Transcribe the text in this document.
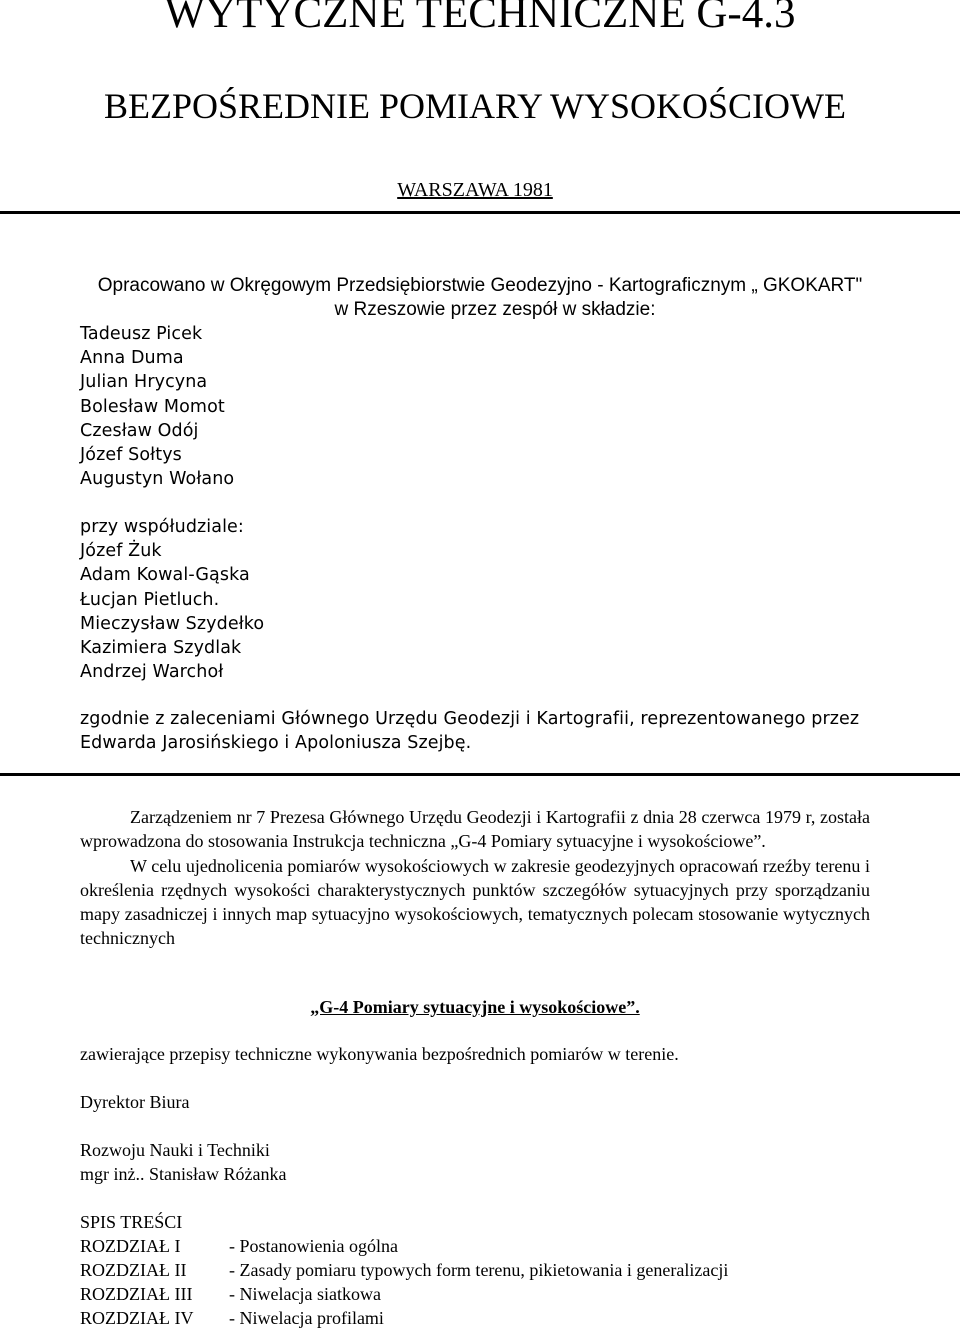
WYTYCZNE TECHNICZNE G-4.3
BEZPOŚREDNIE POMIARY WYSOKOŚCIOWE
WARSZAWA 1981
Opracowano w Okręgowym Przedsiębiorstwie Geodezyjno - Kartograficznym „ GKOKART"
w Rzeszowie przez zespół w składzie:
Tadeusz Picek
Anna Duma
Julian Hrycyna
Bolesław Momot
Czesław Odój
Józef Sołtys
Augustyn Wołano
przy współudziale:
Józef Żuk
Adam Kowal-Gąska
Łucjan Pietluch.
Mieczysław Szydełko
Kazimiera Szydlak
Andrzej Warchoł
zgodnie z zaleceniami Głównego Urzędu Geodezji i Kartografii, reprezentowanego przez
Edwarda Jarosińskiego i Apoloniusza Szejbę.

Zarządzeniem nr 7 Prezesa Głównego Urzędu Geodezji i Kartografii z dnia 28 czerwca 1979 r, została wprowadzona do stosowania Instrukcja techniczna „G-4 Pomiary sytuacyjne i wysokościowe”.

W celu ujednolicenia pomiarów wysokościowych w zakresie geodezyjnych opracowań rzeźby terenu i określenia rzędnych wysokości charakterystycznych punktów szczegółów sytuacyjnych przy sporządzaniu mapy zasadniczej i innych map sytuacyjno wysokościowych, tematycznych polecam stosowanie wytycznych technicznych

„G-4 Pomiary sytuacyjne i wysokościowe”.
zawierające przepisy techniczne wykonywania bezpośrednich pomiarów w terenie.
Dyrektor Biura
Rozwoju Nauki i Techniki
mgr inż.. Stanisław Różanka
SPIS TREŚCI
ROZDZIAŁ I	- Postanowienia ogólna
ROZDZIAŁ II	- Zasady pomiaru typowych form terenu, pikietowania i generalizacji
ROZDZIAŁ III	- Niwelacja siatkowa
ROZDZIAŁ IV	- Niwelacja profilami
